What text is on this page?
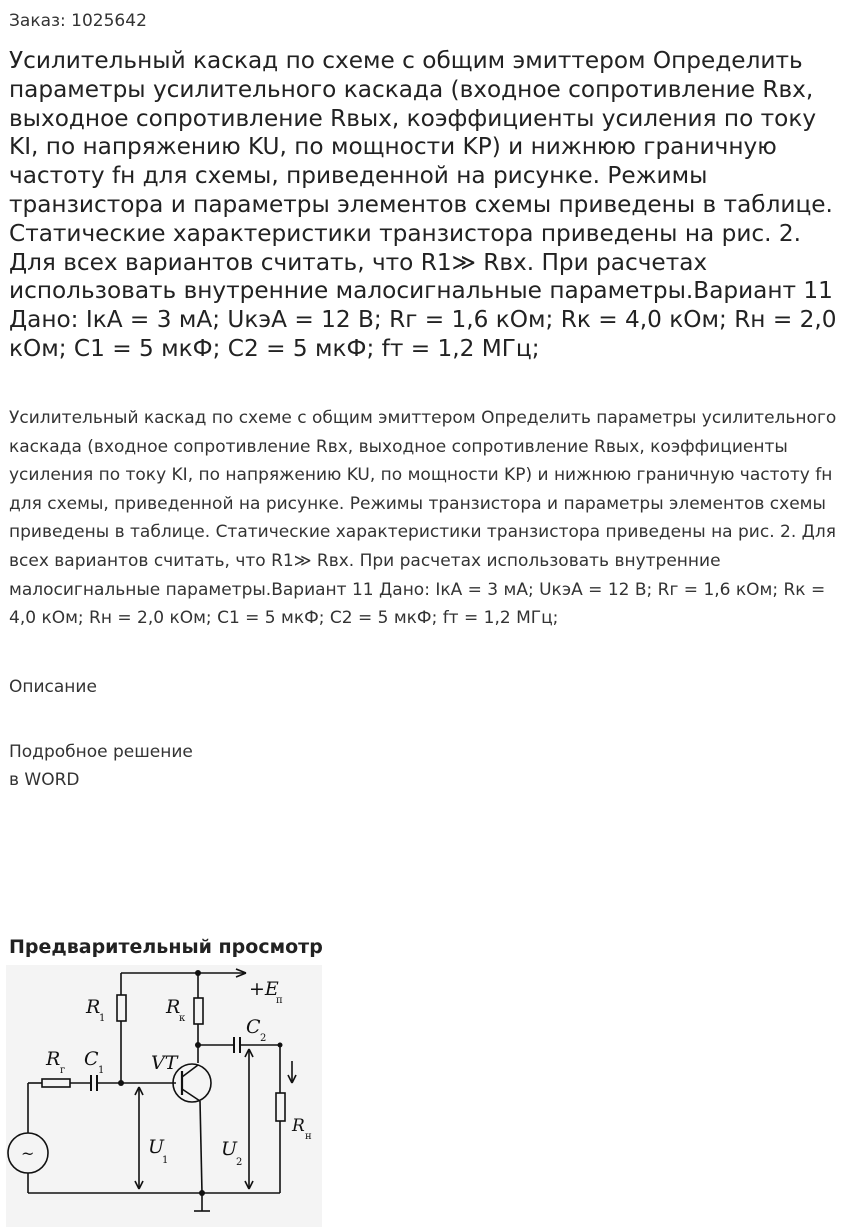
Заказ: 1025642
Усилительный каскад по схеме с общим эмиттером Определить параметры усилительного каскада (входное сопротивление Rвх, выходное сопротивление Rвых, коэффициенты усиления по току KI, по напряжению KU, по мощности KP) и нижнюю граничную частоту fн для схемы, приведенной на рисунке. Режимы транзистора и параметры элементов схемы приведены в таблице. Статические характеристики транзистора приведены на рис. 2. Для всех вариантов считать, что R1≫ Rвх. При расчетах использовать внутренние малосигнальные параметры.Вариант 11 Дано: IкА = 3 мА; UкэА = 12 В; Rг = 1,6 кОм; Rк = 4,0 кОм; Rн = 2,0 кОм; С1 = 5 мкФ; С2 = 5 мкФ; fт = 1,2 МГц;
Усилительный каскад по схеме с общим эмиттером Определить параметры усилительного каскада (входное сопротивление Rвх, выходное сопротивление Rвых, коэффициенты усиления по току KI, по напряжению KU, по мощности KP) и нижнюю граничную частоту fн для схемы, приведенной на рисунке. Режимы транзистора и параметры элементов схемы приведены в таблице. Статические характеристики транзистора приведены на рис. 2. Для всех вариантов считать, что R1≫ Rвх. При расчетах использовать внутренние малосигнальные параметры.Вариант 11 Дано: IкА = 3 мА; UкэА = 12 В; Rг = 1,6 кОм; Rк = 4,0 кОм; Rн = 2,0 кОм; С1 = 5 мкФ; С2 = 5 мкФ; fт = 1,2 МГц;
Описание
Подробное решение
в WORD
Предварительный просмотр
R
1
R
к
+E
п
C
2
R
г
C
1 VT
U
1
U
2
R
н
~
